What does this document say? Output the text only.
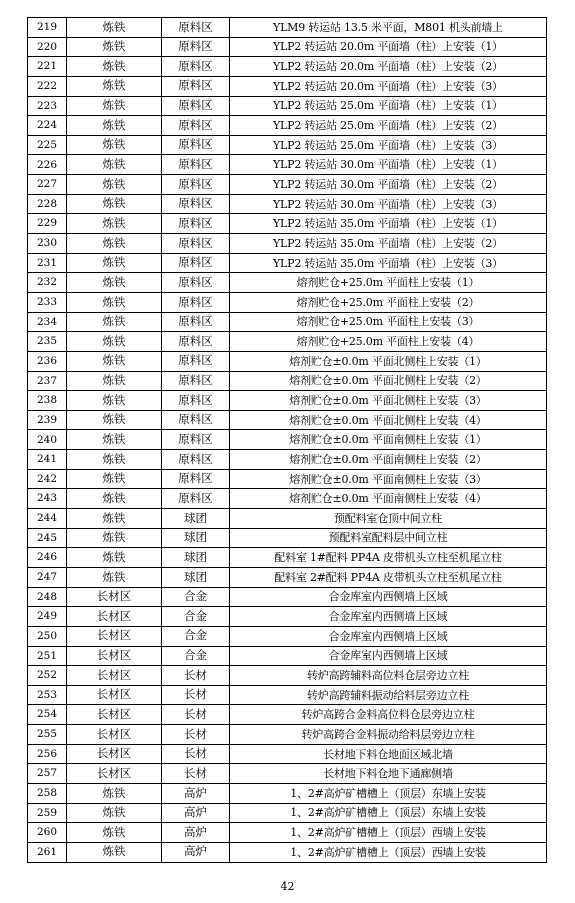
219	炼铁	原料区	YLM9 转运站 13.5 米平面，M801 机头前墙上
220	炼铁	原料区	YLP2 转运站 20.0m 平面墙（柱）上安装（1）
221	炼铁	原料区	YLP2 转运站 20.0m 平面墙（柱）上安装（2）
222	炼铁	原料区	YLP2 转运站 20.0m 平面墙（柱）上安装（3）
223	炼铁	原料区	YLP2 转运站 25.0m 平面墙（柱）上安装（1）
224	炼铁	原料区	YLP2 转运站 25.0m 平面墙（柱）上安装（2）
225	炼铁	原料区	YLP2 转运站 25.0m 平面墙（柱）上安装（3）
226	炼铁	原料区	YLP2 转运站 30.0m 平面墙（柱）上安装（1）
227	炼铁	原料区	YLP2 转运站 30.0m 平面墙（柱）上安装（2）
228	炼铁	原料区	YLP2 转运站 30.0m 平面墙（柱）上安装（3）
229	炼铁	原料区	YLP2 转运站 35.0m 平面墙（柱）上安装（1）
230	炼铁	原料区	YLP2 转运站 35.0m 平面墙（柱）上安装（2）
231	炼铁	原料区	YLP2 转运站 35.0m 平面墙（柱）上安装（3）
232	炼铁	原料区	熔剂贮仓+25.0m 平面柱上安装（1）
233	炼铁	原料区	熔剂贮仓+25.0m 平面柱上安装（2）
234	炼铁	原料区	熔剂贮仓+25.0m 平面柱上安装（3）
235	炼铁	原料区	熔剂贮仓+25.0m 平面柱上安装（4）
236	炼铁	原料区	熔剂贮仓±0.0m 平面北侧柱上安装（1）
237	炼铁	原料区	熔剂贮仓±0.0m 平面北侧柱上安装（2）
238	炼铁	原料区	熔剂贮仓±0.0m 平面北侧柱上安装（3）
239	炼铁	原料区	熔剂贮仓±0.0m 平面北侧柱上安装（4）
240	炼铁	原料区	熔剂贮仓±0.0m 平面南侧柱上安装（1）
241	炼铁	原料区	熔剂贮仓±0.0m 平面南侧柱上安装（2）
242	炼铁	原料区	熔剂贮仓±0.0m 平面南侧柱上安装（3）
243	炼铁	原料区	熔剂贮仓±0.0m 平面南侧柱上安装（4）
244	炼铁	球团	预配料室仓顶中间立柱
245	炼铁	球团	预配料室配料层中间立柱
246	炼铁	球团	配料室 1#配料 PP4A 皮带机头立柱至机尾立柱
247	炼铁	球团	配料室 2#配料 PP4A 皮带机头立柱至机尾立柱
248	长材区	合金	合金库室内西侧墙上区域
249	长材区	合金	合金库室内西侧墙上区域
250	长材区	合金	合金库室内西侧墙上区域
251	长材区	合金	合金库室内西侧墙上区域
252	长材区	长材	转炉高跨辅料高位料仓层旁边立柱
253	长材区	长材	转炉高跨辅料振动给料层旁边立柱
254	长材区	长材	转炉高跨合金料高位料仓层旁边立柱
255	长材区	长材	转炉高跨合金料振动给料层旁边立柱
256	长材区	长材	长材地下料仓地面区域北墙
257	长材区	长材	长材地下料仓地下通廊侧墙
258	炼铁	高炉	1、2#高炉矿槽槽上（顶层）东墙上安装
259	炼铁	高炉	1、2#高炉矿槽槽上（顶层）东墙上安装
260	炼铁	高炉	1、2#高炉矿槽槽上（顶层）西墙上安装
261	炼铁	高炉	1、2#高炉矿槽槽上（顶层）西墙上安装
42
